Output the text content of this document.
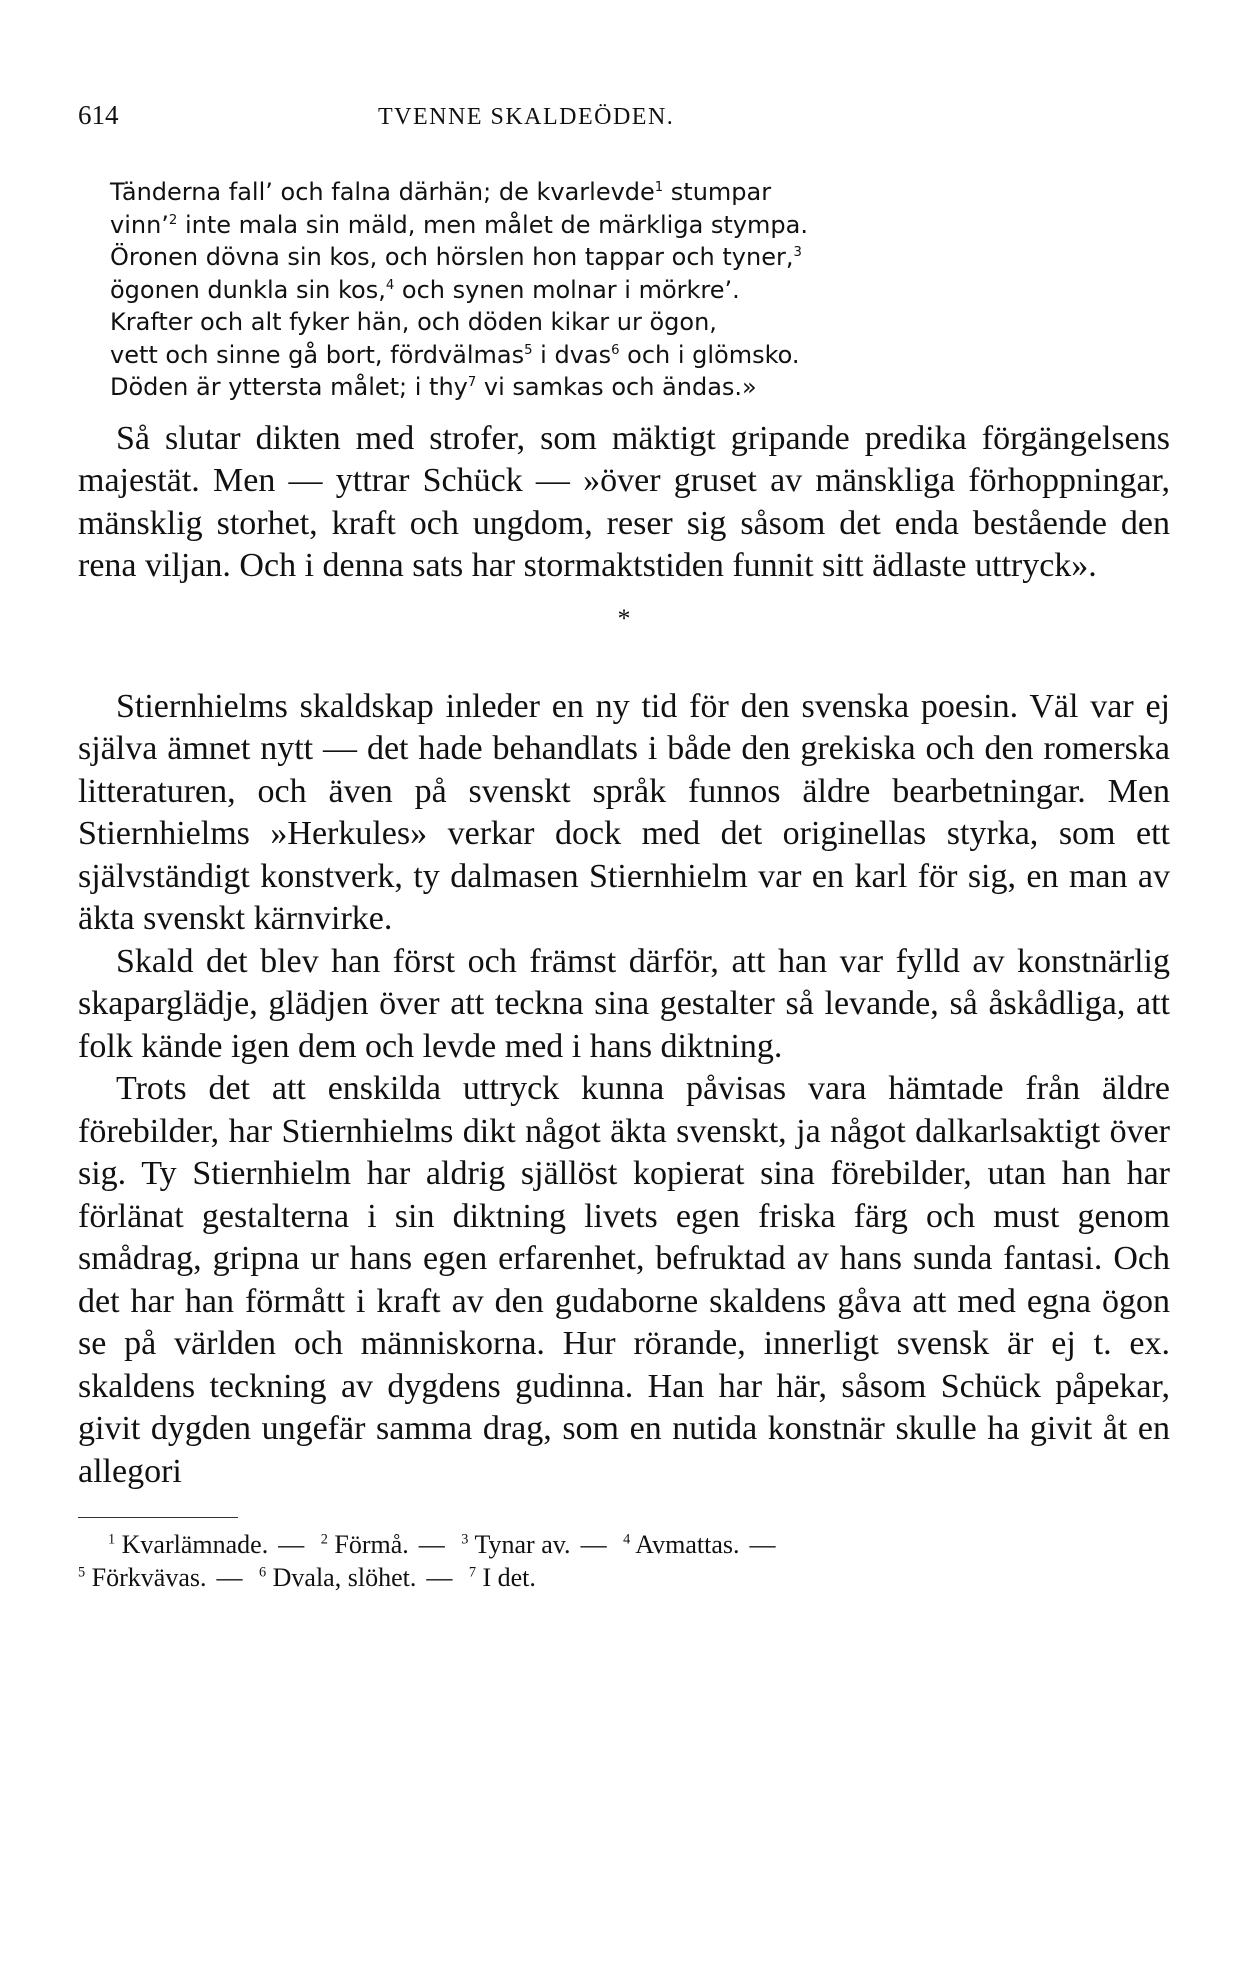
614	TVENNE SKALDEÖDEN.
Tänderna fall’ och falna därhän; de kvarlevde$^1$ stumpar
vinn’$^2$ inte mala sin mäld, men målet de märkliga stympa.
Öronen dövna sin kos, och hörslen hon tappar och tyner,$^3$
ögonen dunkla sin kos,$^4$ och synen molnar i mörkre’.
Krafter och alt fyker hän, och döden kikar ur ögon,
vett och sinne gå bort, fördvälmas$^5$ i dvas$^6$ och i glömsko.
Döden är yttersta målet; i thy$^7$ vi samkas och ändas.»

Så slutar dikten med strofer, som mäktigt gripande predika förgängelsens majestät. Men — yttrar Schück — »över gruset av mänskliga förhoppningar, mänsklig storhet, kraft och ungdom, reser sig såsom det enda bestående den rena viljan. Och i denna sats har stormaktstiden funnit sitt ädlaste uttryck».

*

Stiernhielms skaldskap inleder en ny tid för den svenska poesin. Väl var ej själva ämnet nytt — det hade behandlats i både den grekiska och den romerska litteraturen, och även på svenskt språk funnos äldre bearbetningar. Men Stiernhielms »Herkules» verkar dock med det originellas styrka, som ett självständigt konstverk, ty dalmasen Stiernhielm var en karl för sig, en man av äkta svenskt kärnvirke.

Skald det blev han först och främst därför, att han var fylld av konstnärlig skaparglädje, glädjen över att teckna sina gestalter så levande, så åskådliga, att folk kände igen dem och levde med i hans diktning.

Trots det att enskilda uttryck kunna påvisas vara hämtade från äldre förebilder, har Stiernhielms dikt något äkta svenskt, ja något dalkarlsaktigt över sig. Ty Stiernhielm har aldrig själlöst kopierat sina förebilder, utan han har förlänat gestalterna i sin diktning livets egen friska färg och must genom smådrag, gripna ur hans egen erfarenhet, befruktad av hans sunda fantasi. Och det har han förmått i kraft av den gudaborne skaldens gåva att med egna ögon se på världen och människorna. Hur rörande, innerligt svensk är ej t. ex. skaldens teckning av dygdens gudinna. Han har här, såsom Schück påpekar, givit dygden ungefär samma drag, som en nutida konstnär skulle ha givit åt en allegori

$^1$ Kvarlämnade. — $^2$ Förmå. — $^3$ Tynar av. — $^4$ Avmattas. —
$^5$ Förkvävas. — $^6$ Dvala, slöhet. — $^7$ I det.
